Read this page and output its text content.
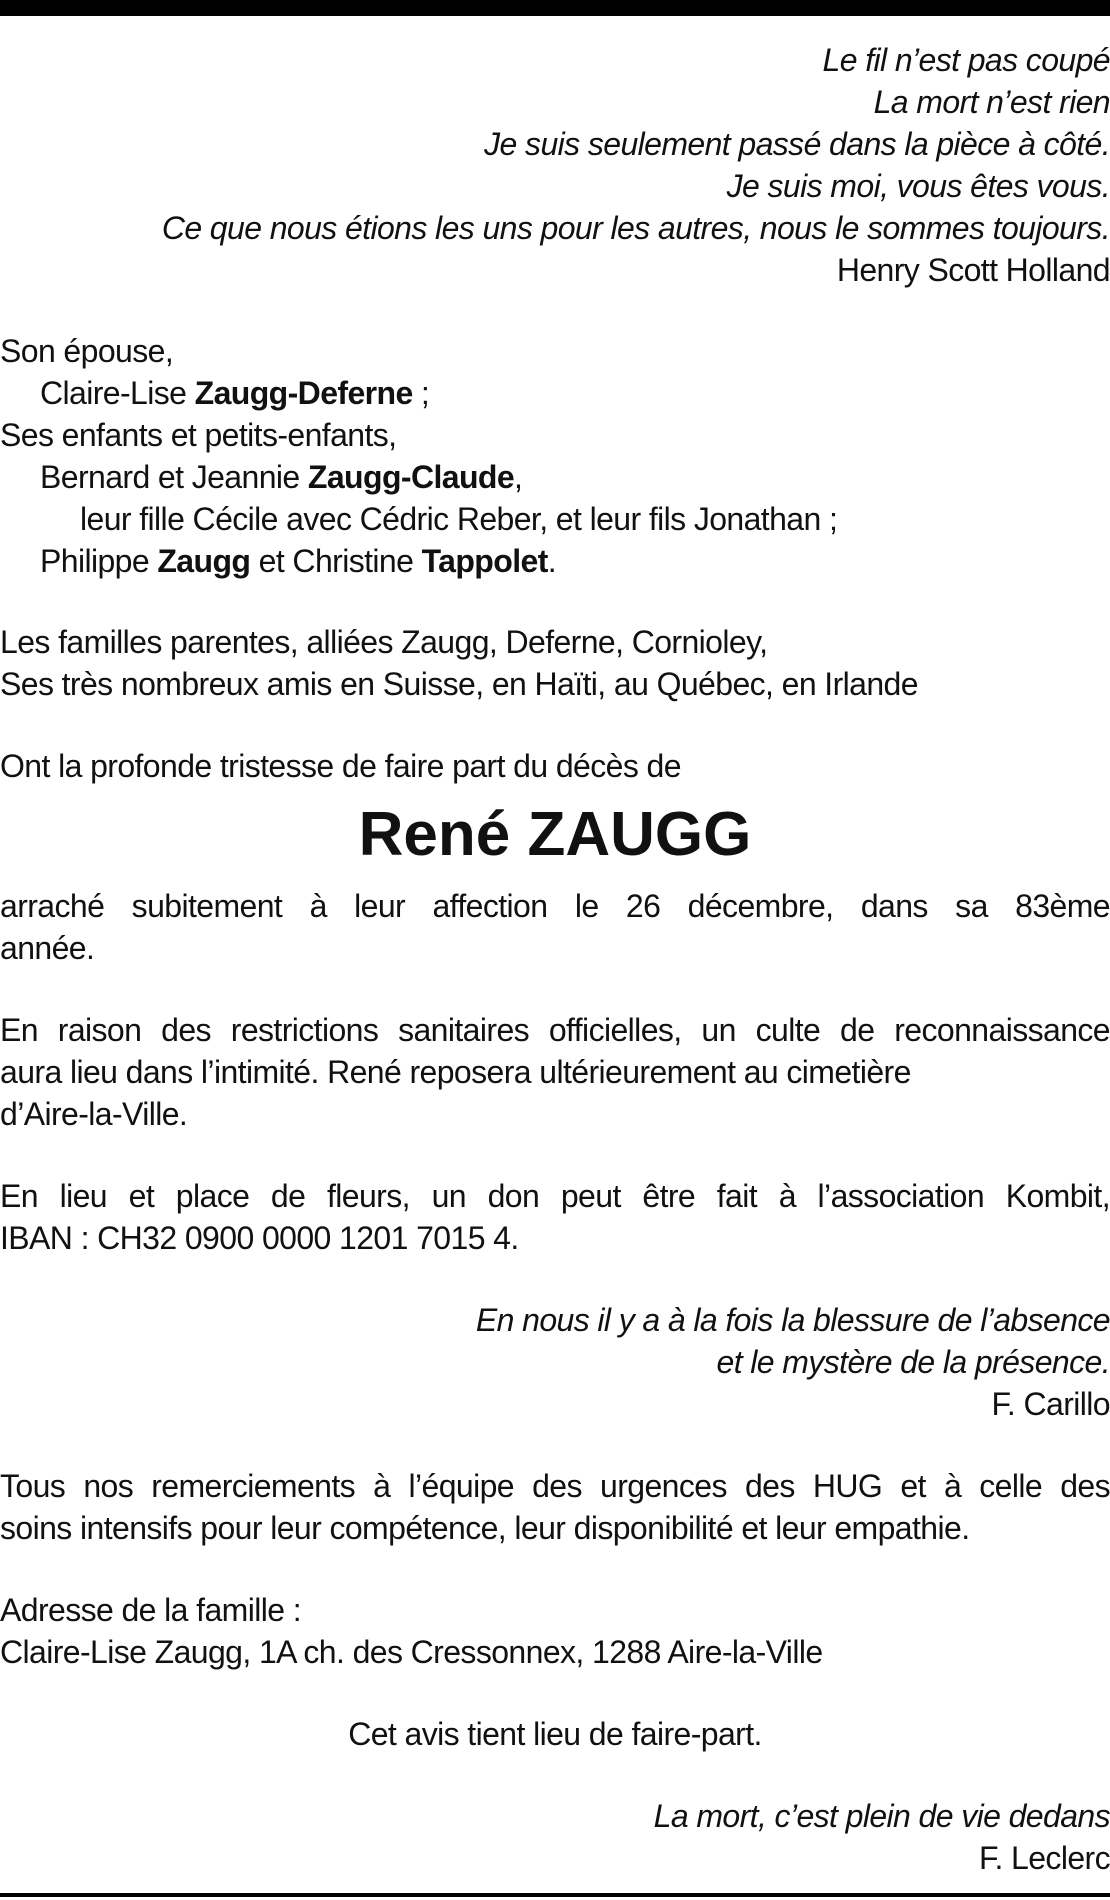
Le fil n’est pas coupé
La mort n’est rien
Je suis seulement passé dans la pièce à côté.
Je suis moi, vous êtes vous.
Ce que nous étions les uns pour les autres, nous le sommes toujours.
Henry Scott Holland
Son épouse,
Claire-Lise Zaugg-Deferne ;
Ses enfants et petits-enfants,
Bernard et Jeannie Zaugg-Claude,
leur fille Cécile avec Cédric Reber, et leur fils Jonathan ;
Philippe Zaugg et Christine Tappolet.
Les familles parentes, alliées Zaugg, Deferne, Cornioley,
Ses très nombreux amis en Suisse, en Haïti, au Québec, en Irlande
Ont la profonde tristesse de faire part du décès de
René ZAUGG
arraché subitement à leur affection le 26 décembre, dans sa 83ème
année.
En raison des restrictions sanitaires officielles, un culte de reconnaissance
aura lieu dans l’intimité. René reposera ultérieurement au cimetière
d’Aire-la-Ville.
En lieu et place de fleurs, un don peut être fait à l’association Kombit,
IBAN : CH32 0900 0000 1201 7015 4.
En nous il y a à la fois la blessure de l’absence
et le mystère de la présence.
F. Carillo
Tous nos remerciements à l’équipe des urgences des HUG et à celle des
soins intensifs pour leur compétence, leur disponibilité et leur empathie.
Adresse de la famille :
Claire-Lise Zaugg, 1A ch. des Cressonnex, 1288 Aire-la-Ville
Cet avis tient lieu de faire-part.
La mort, c’est plein de vie dedans
F. Leclerc
